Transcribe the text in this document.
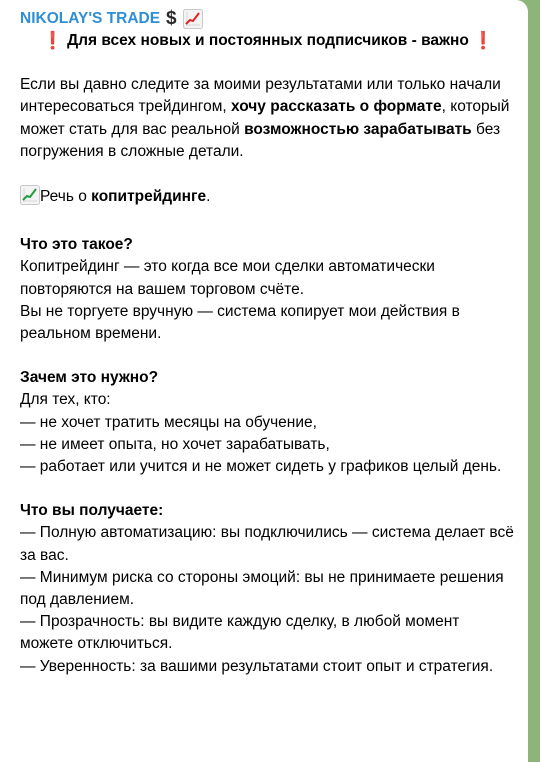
NIKOLAY'S TRADE $
❗ Для всех новых и постоянных подписчиков - важно ❗

Если вы давно следите за моими результатами или только начали интересоваться трейдингом, хочу рассказать о формате, который может стать для вас реальной возможностью зарабатывать без погружения в сложные детали.

Речь о копитрейдинге.

Что это такое?

Копитрейдинг — это когда все мои сделки автоматически повторяются на вашем торговом счёте.

Вы не торгуете вручную — система копирует мои действия в реальном времени.

Зачем это нужно?

Для тех, кто:

— не хочет тратить месяцы на обучение,

— не имеет опыта, но хочет зарабатывать,

— работает или учится и не может сидеть у графиков целый день.

Что вы получаете:

— Полную автоматизацию: вы подключились — система делает всё за вас.

— Минимум риска со стороны эмоций: вы не принимаете решения под давлением.

— Прозрачность: вы видите каждую сделку, в любой момент можете отключиться.

— Уверенность: за вашими результатами стоит опыт и стратегия.
